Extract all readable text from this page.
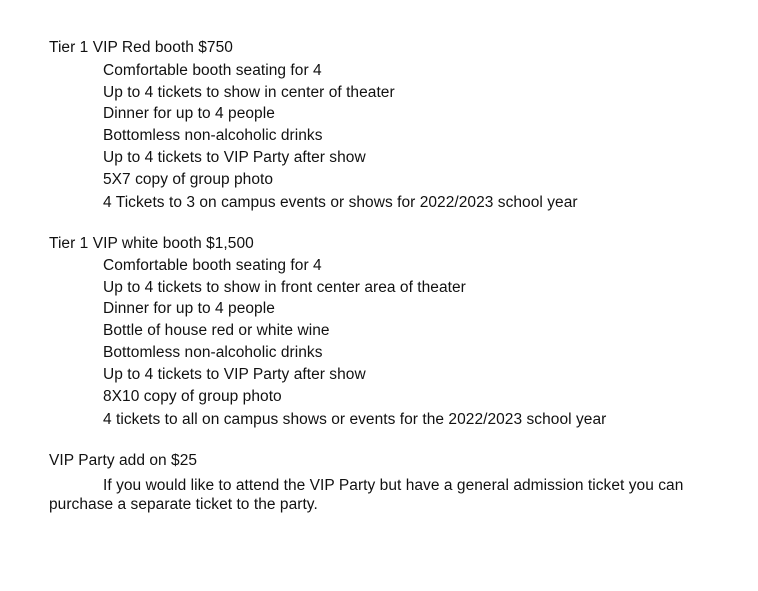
Tier 1 VIP Red booth $750
Comfortable booth seating for 4
Up to 4 tickets to show in center of theater
Dinner for up to 4 people
Bottomless non-alcoholic drinks
Up to 4 tickets to VIP Party after show
5X7 copy of group photo
4 Tickets to 3 on campus events or shows for 2022/2023 school year
Tier 1 VIP white booth $1,500
Comfortable booth seating for 4
Up to 4 tickets to show in front center area of theater
Dinner for up to 4 people
Bottle of house red or white wine
Bottomless non-alcoholic drinks
Up to 4 tickets to VIP Party after show
8X10 copy of group photo
4 tickets to all on campus shows or events for the 2022/2023 school year
VIP Party add on $25
If you would like to attend the VIP Party but have a general admission ticket you can
purchase a separate ticket to the party.
